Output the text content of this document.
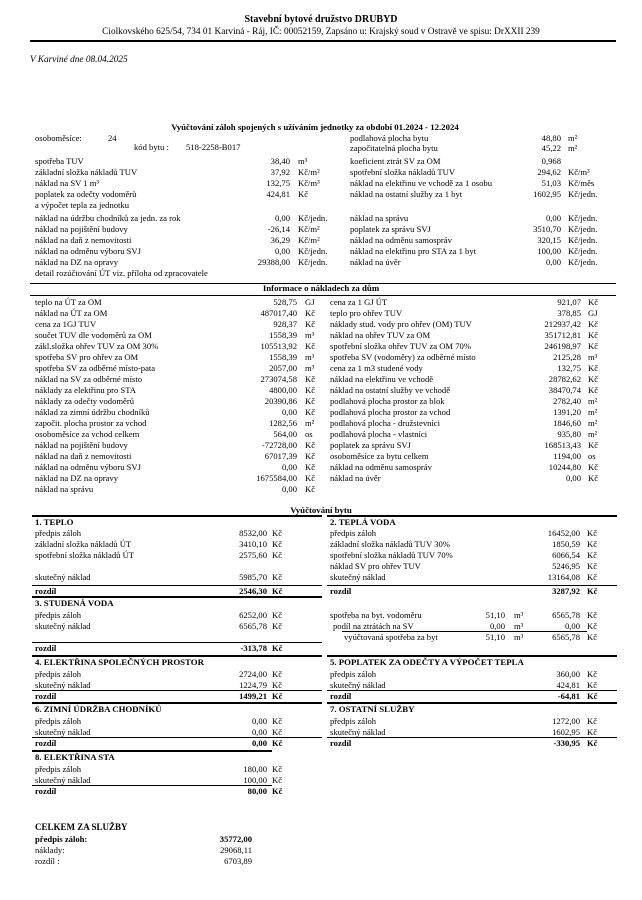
Stavební bytové družstvo DRUBYD
Ciolkovského 625/54, 734 01 Karviná - Ráj, IČ: 00052159, Zapsáno u: Krajský soud v Ostravě ve spisu: DrXXII 239
V Karviné dne 08.04.2025
Vyúčtování záloh spojených s užíváním jednotky za období 01.2024 - 12.2024
osoboměsíce:	24
kód bytu : 518-2258-B017
spotřeba TUV	38,40 m³
základní složka nákladů TUV	37,92 Kč/m²
náklad na SV 1 m³	132,75 Kč/m³
poplatek za odečty vodoměrů	424,81 Kč
a výpočet tepla za jednotku
náklad na údržbu chodníků za jedn. za rok	0,00 Kč/jedn.
náklad na pojištění budovy	-26,14 Kč/m²
náklad na daň z nemovitosti	36,29 Kč/m²
náklad na odměnu výboru SVJ	0,00 Kč/jedn.
náklad na DZ na opravy	29388,00 Kč/jedn.
detail rozúčtování ÚT viz. příloha od zpracovatele
podlahová plocha bytu	48,80 m²
započitatelná plocha bytu	45,22 m²
koeficient ztrát SV za OM	0,968
spotřební složka nákladů TUV	294,62 Kč/m³
náklad na elektřinu ve vchodě za 1 osobu	51,03 Kč/měs
náklad na ostatní služby za 1 byt	1602,95 Kč/jedn.
náklad na správu	0,00 Kč/jedn.
poplatek za správu SVJ	3510,70 Kč/jedn.
náklad na odměnu samospráv	320,15 Kč/jedn.
náklad na elektřinu pro STA za 1 byt	100,00 Kč/jedn.
náklad na úvěr	0,00 Kč/jedn.
Informace o nákladech za dům
teplo na ÚT za OM	528,75 GJ
náklad na ÚT za OM	487017,40 Kč
cena za 1GJ TUV	928,37 Kč
součet TUV dle vodoměrů za OM	1558,39 m³
zákl.složka ohřev TUV za OM 30%	105513,92 Kč
spotřeba SV pro ohřev za OM	1558,39 m³
spotřeba SV za odběrné místo-pata	2057,00 m³
náklad na SV za odběrné místo	273074,58 Kč
náklady za elektřinu pro STA	4800,00 Kč
náklady za odečty vodoměrů	20390,86 Kč
náklad za zimní údržbu chodníků	0,00 Kč
započit. plocha prostor za vchod	1282,56 m²
osoboměsíce za vchod celkem	564,00 os
náklad na pojištění budovy	-72728,00 Kč
náklad na daň z nemovitosti	67017,39 Kč
náklad na odměnu výboru SVJ	0,00 Kč
náklad na DZ na opravy	1675584,00 Kč
náklad na správu	0,00 Kč
cena za 1 GJ ÚT	921,07 Kč
teplo pro ohřev TUV	378,85 GJ
náklady stud. vody pro ohřev (OM) TUV	212937,42 Kč
náklad na ohřev TUV za OM	351712,81 Kč
spotřební složka ohřev TUV za OM 70%	246198,97 Kč
spotřeba SV (vodoměry) za odběrné místo	2125,28 m³
cena za 1 m3 studené vody	132,75 Kč
náklad na elektřinu ve vchodě	28782,62 Kč
náklad na ostatní služby ve vchodě	38470,74 Kč
podlahová plocha prostor za blok	2782,40 m²
podlahová plocha prostor za vchod	1391,20 m²
podlahová plocha - družstevníci	1846,60 m²
podlahová plocha - vlastníci	935,80 m²
poplatek za správu SVJ	168513,43 Kč
osoboměsíce za bytu celkem	1194,00 os
náklad na odměnu samospráv	10244,80 Kč
náklad na úvěr	0,00 Kč
Vyúčtování bytu
1. TEPLO
předpis záloh	8532,00 Kč
základní složka nákladů ÚT	3410,10 Kč
spotřební složka nákladů ÚT	2575,60 Kč
skutečný náklad	5985,70 Kč
rozdíl	2546,30 Kč
2. TEPLÁ VODA
předpis záloh	16452,00 Kč
základní složka nákladů TUV 30%	1850,59 Kč
spotřební složka nákladů TUV 70%	6066,54 Kč
náklad SV pro ohřev TUV	5246,95 Kč
skutečný náklad	13164,08 Kč
rozdíl	3287,92 Kč
3. STUDENÁ VODA
předpis záloh	6252,00 Kč
skutečný náklad	6565,78 Kč
rozdíl	-313,78 Kč
spotřeba na byt. vodoměru	51,10 m³	6565,78 Kč
podíl na ztrátách na SV	0,00 m³	0,00 Kč
vyúčtovaná spotřeba za byt	51,10 m³	6565,78 Kč
4. ELEKTŘINA SPOLEČNÝCH PROSTOR
předpis záloh	2724,00 Kč
skutečný náklad	1224,79 Kč
rozdíl	1499,21 Kč
5. POPLATEK ZA ODEČTY A VÝPOČET TEPLA
předpis záloh	360,00 Kč
skutečný náklad	424,81 Kč
rozdíl	-64,81 Kč
6. ZIMNÍ ÚDRŽBA CHODNÍKŮ
předpis záloh	0,00 Kč
skutečný náklad	0,00 Kč
rozdíl	0,00 Kč
7. OSTATNÍ SLUŽBY
předpis záloh	1272,00 Kč
skutečný náklad	1602,95 Kč
rozdíl	-330,95 Kč
8. ELEKTŘINA STA
předpis záloh	180,00 Kč
skutečný náklad	100,00 Kč
rozdíl	80,00 Kč
CELKEM ZA SLUŽBY
předpis záloh:	35772,00
náklady:	29068,11
rozdíl :	6703,89
